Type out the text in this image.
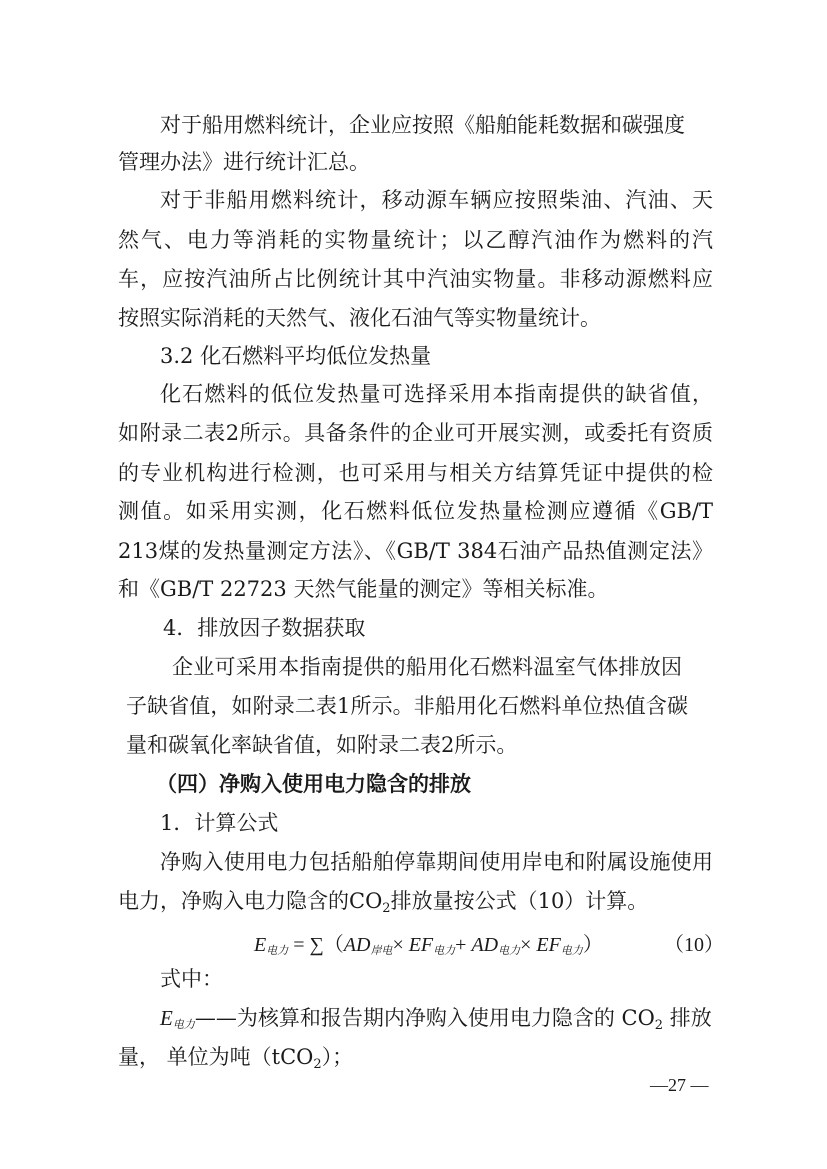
对于船用燃料统计，企业应按照《船舶能耗数据和碳强度
管理办法》进行统计汇总。
对于非船用燃料统计，移动源车辆应按照柴油、汽油、天
然气、电力等消耗的实物量统计；以乙醇汽油作为燃料的汽
车，应按汽油所占比例统计其中汽油实物量。非移动源燃料应
按照实际消耗的天然气、液化石油气等实物量统计。
3.2 化石燃料平均低位发热量
化石燃料的低位发热量可选择采用本指南提供的缺省值，
如附录二表2所示。具备条件的企业可开展实测，或委托有资质
的专业机构进行检测，也可采用与相关方结算凭证中提供的检
测值。如采用实测，化石燃料低位发热量检测应遵循《GB/T
213煤的发热量测定方法》、《GB/T 384石油产品热值测定法》
和《GB/T 22723 天然气能量的测定》等相关标准。
4．排放因子数据获取
企业可采用本指南提供的船用化石燃料温室气体排放因
子缺省值，如附录二表1所示。非船用化石燃料单位热值含碳
量和碳氧化率缺省值，如附录二表2所示。
（四）净购入使用电力隐含的排放
1．计算公式
净购入使用电力包括船舶停靠期间使用岸电和附属设施使用
电力，净购入电力隐含的$CO_2$排放量按公式（10）计算。
$E_{电力} = \sum(AD_{岸电}\times EF_{电力}+ AD_{电力}\times EF_{电力})$	（10）
式中：
$E_{电力}——$为核算和报告期内净购入使用电力隐含的 $CO_2$ 排放
量， 单位为吨（tCO$_2$）；
—27 —
